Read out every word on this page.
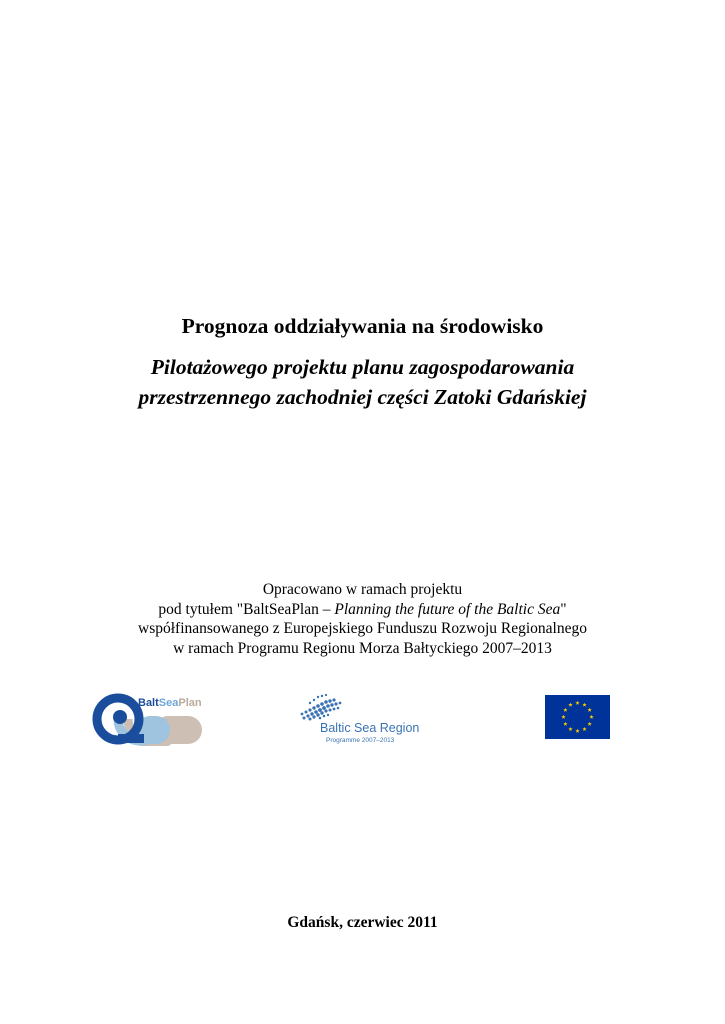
Prognoza oddziaływania na środowisko
Pilotażowego projektu planu zagospodarowania
przestrzennego zachodniej części Zatoki Gdańskiej

Opracowano w ramach projektu
pod tytułem "BaltSeaPlan – Planning the future of the Baltic Sea"
współfinansowanego z Europejskiego Funduszu Rozwoju Regionalnego
w ramach Programu Regionu Morza Bałtyckiego 2007–2013

BaltSeaPlan
Baltic Sea Region
Programme 2007–2013

Gdańsk, czerwiec 2011
